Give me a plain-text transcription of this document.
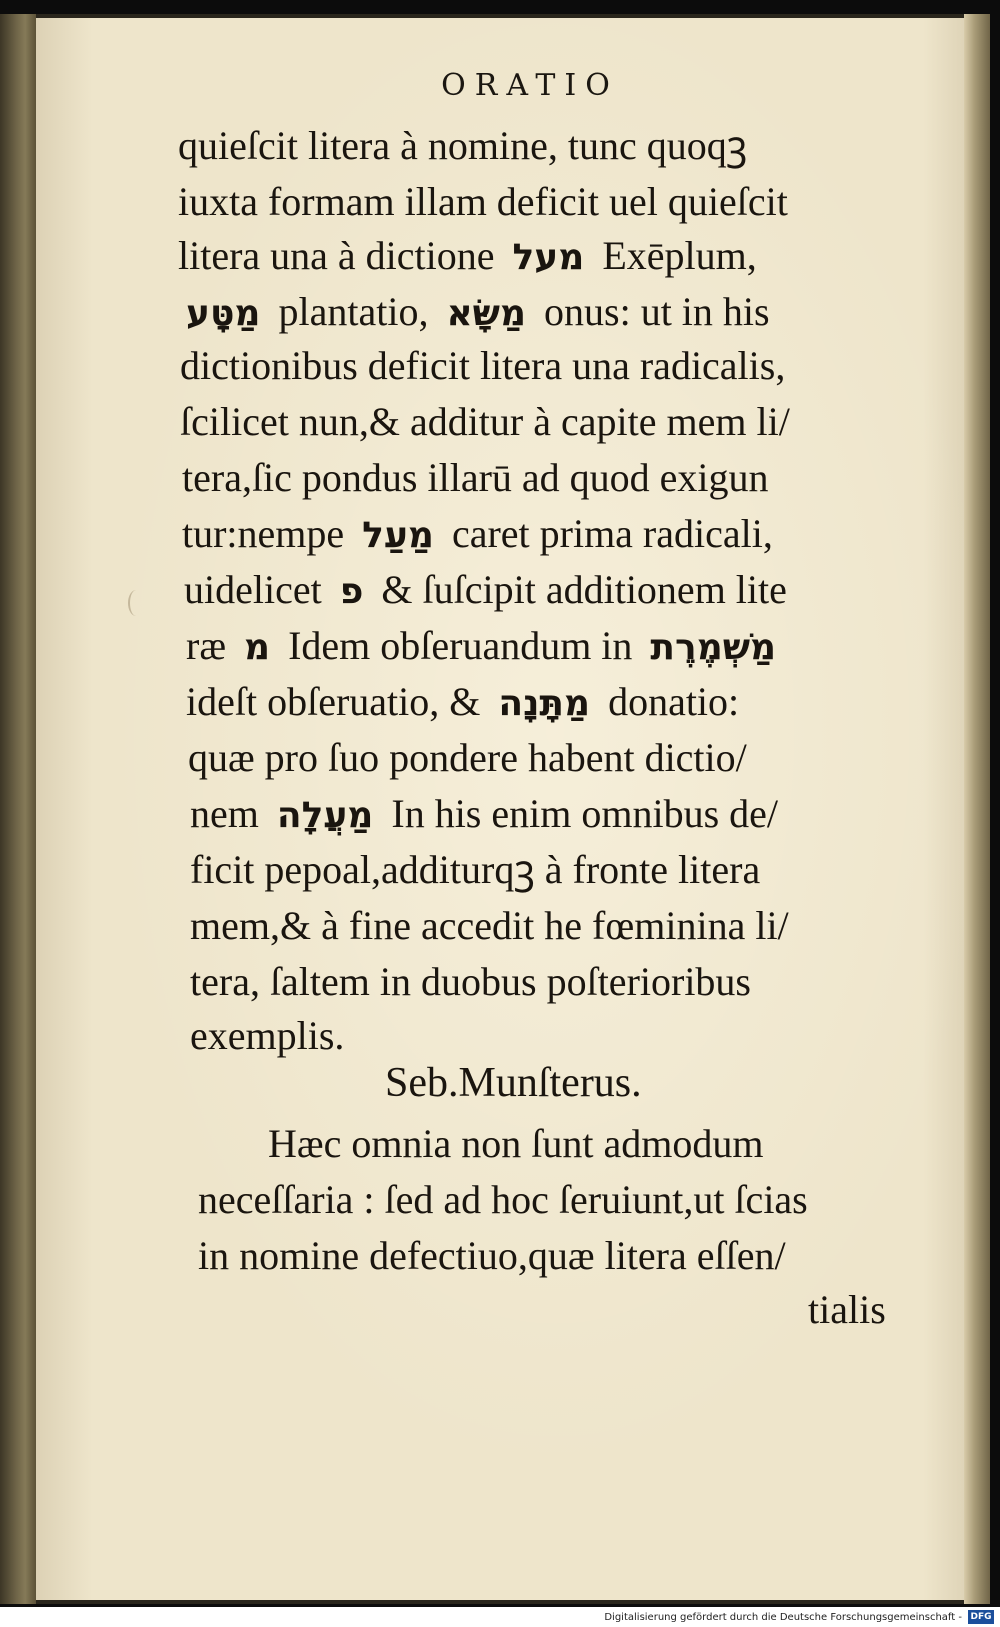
ORATIO
quieſcit litera à nomine, tunc quoqꝫ
iuxta formam illam deficit uel quieſcit
litera una à dictione מעל Exēplum,
מַטָּע plantatio, מַשָּׂא onus: ut in his
dictionibus deficit litera una radicalis,
ſcilicet nun,& additur à capite mem li/
tera,ſic pondus illarū ad quod exigun
tur:nempe מַעַל caret prima radicali,
uidelicet פ & ſuſcipit additionem lite
ræ מ Idem obſeruandum in מַשְׁמֶרֶת
ideſt obſeruatio, & מַתָּנָה donatio:
quæ pro ſuo pondere habent dictio/
nem מַעֲלָה In his enim omnibus de/
ficit pepoal,additurqꝫ à fronte litera
mem,& à fine accedit he fœminina li/
tera, ſaltem in duobus poſterioribus
exemplis.
Seb.Munſterus.
Hæc omnia non ſunt admodum
neceſſaria : ſed ad hoc ſeruiunt,ut ſcias
in nomine defectiuo,quæ litera eſſen/
tialis
Digitalisierung gefördert durch die Deutsche Forschungsgemeinschaft - DFG
